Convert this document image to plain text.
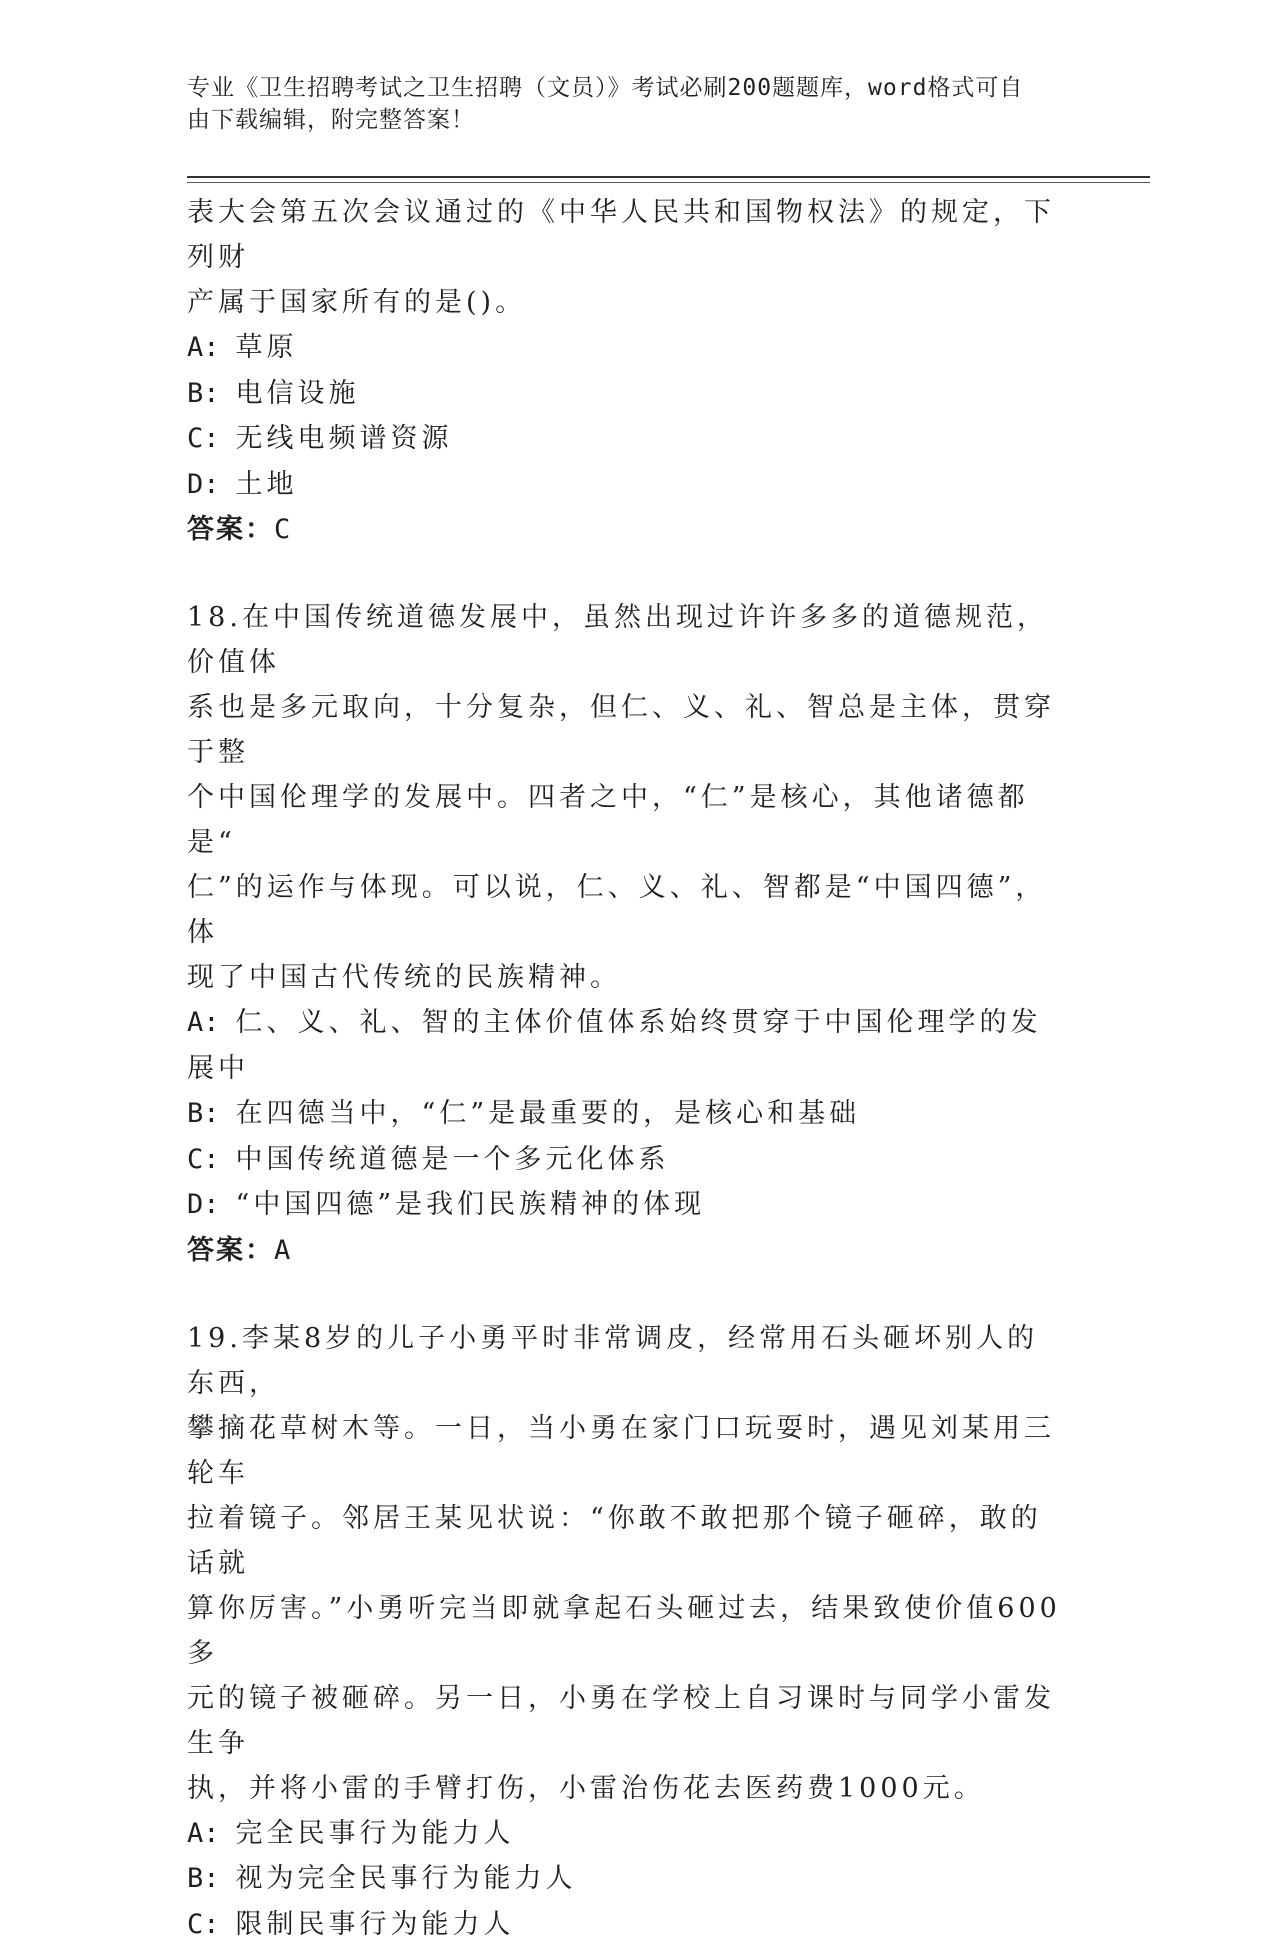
专业《卫生招聘考试之卫生招聘（文员）》考试必刷200题题库，word格式可自
由下载编辑，附完整答案！

表大会第五次会议通过的《中华人民共和国物权法》的规定，下列财

产属于国家所有的是()。

A: 草原

B: 电信设施

C: 无线电频谱资源

D: 土地

答案：C

18.在中国传统道德发展中，虽然出现过许许多多的道德规范，价值体

系也是多元取向，十分复杂，但仁、义、礼、智总是主体，贯穿于整

个中国伦理学的发展中。四者之中，“仁”是核心，其他诸德都是“

仁”的运作与体现。可以说，仁、义、礼、智都是“中国四德”，体

现了中国古代传统的民族精神。

A: 仁、义、礼、智的主体价值体系始终贯穿于中国伦理学的发展中

B: 在四德当中，“仁”是最重要的，是核心和基础

C: 中国传统道德是一个多元化体系

D: “中国四德”是我们民族精神的体现

答案：A

19.李某8岁的儿子小勇平时非常调皮，经常用石头砸坏别人的东西，

攀摘花草树木等。一日，当小勇在家门口玩耍时，遇见刘某用三轮车

拉着镜子。邻居王某见状说：“你敢不敢把那个镜子砸碎，敢的话就

算你厉害。”小勇听完当即就拿起石头砸过去，结果致使价值600多

元的镜子被砸碎。另一日，小勇在学校上自习课时与同学小雷发生争

执，并将小雷的手臂打伤，小雷治伤花去医药费1000元。

A: 完全民事行为能力人

B: 视为完全民事行为能力人

C: 限制民事行为能力人
